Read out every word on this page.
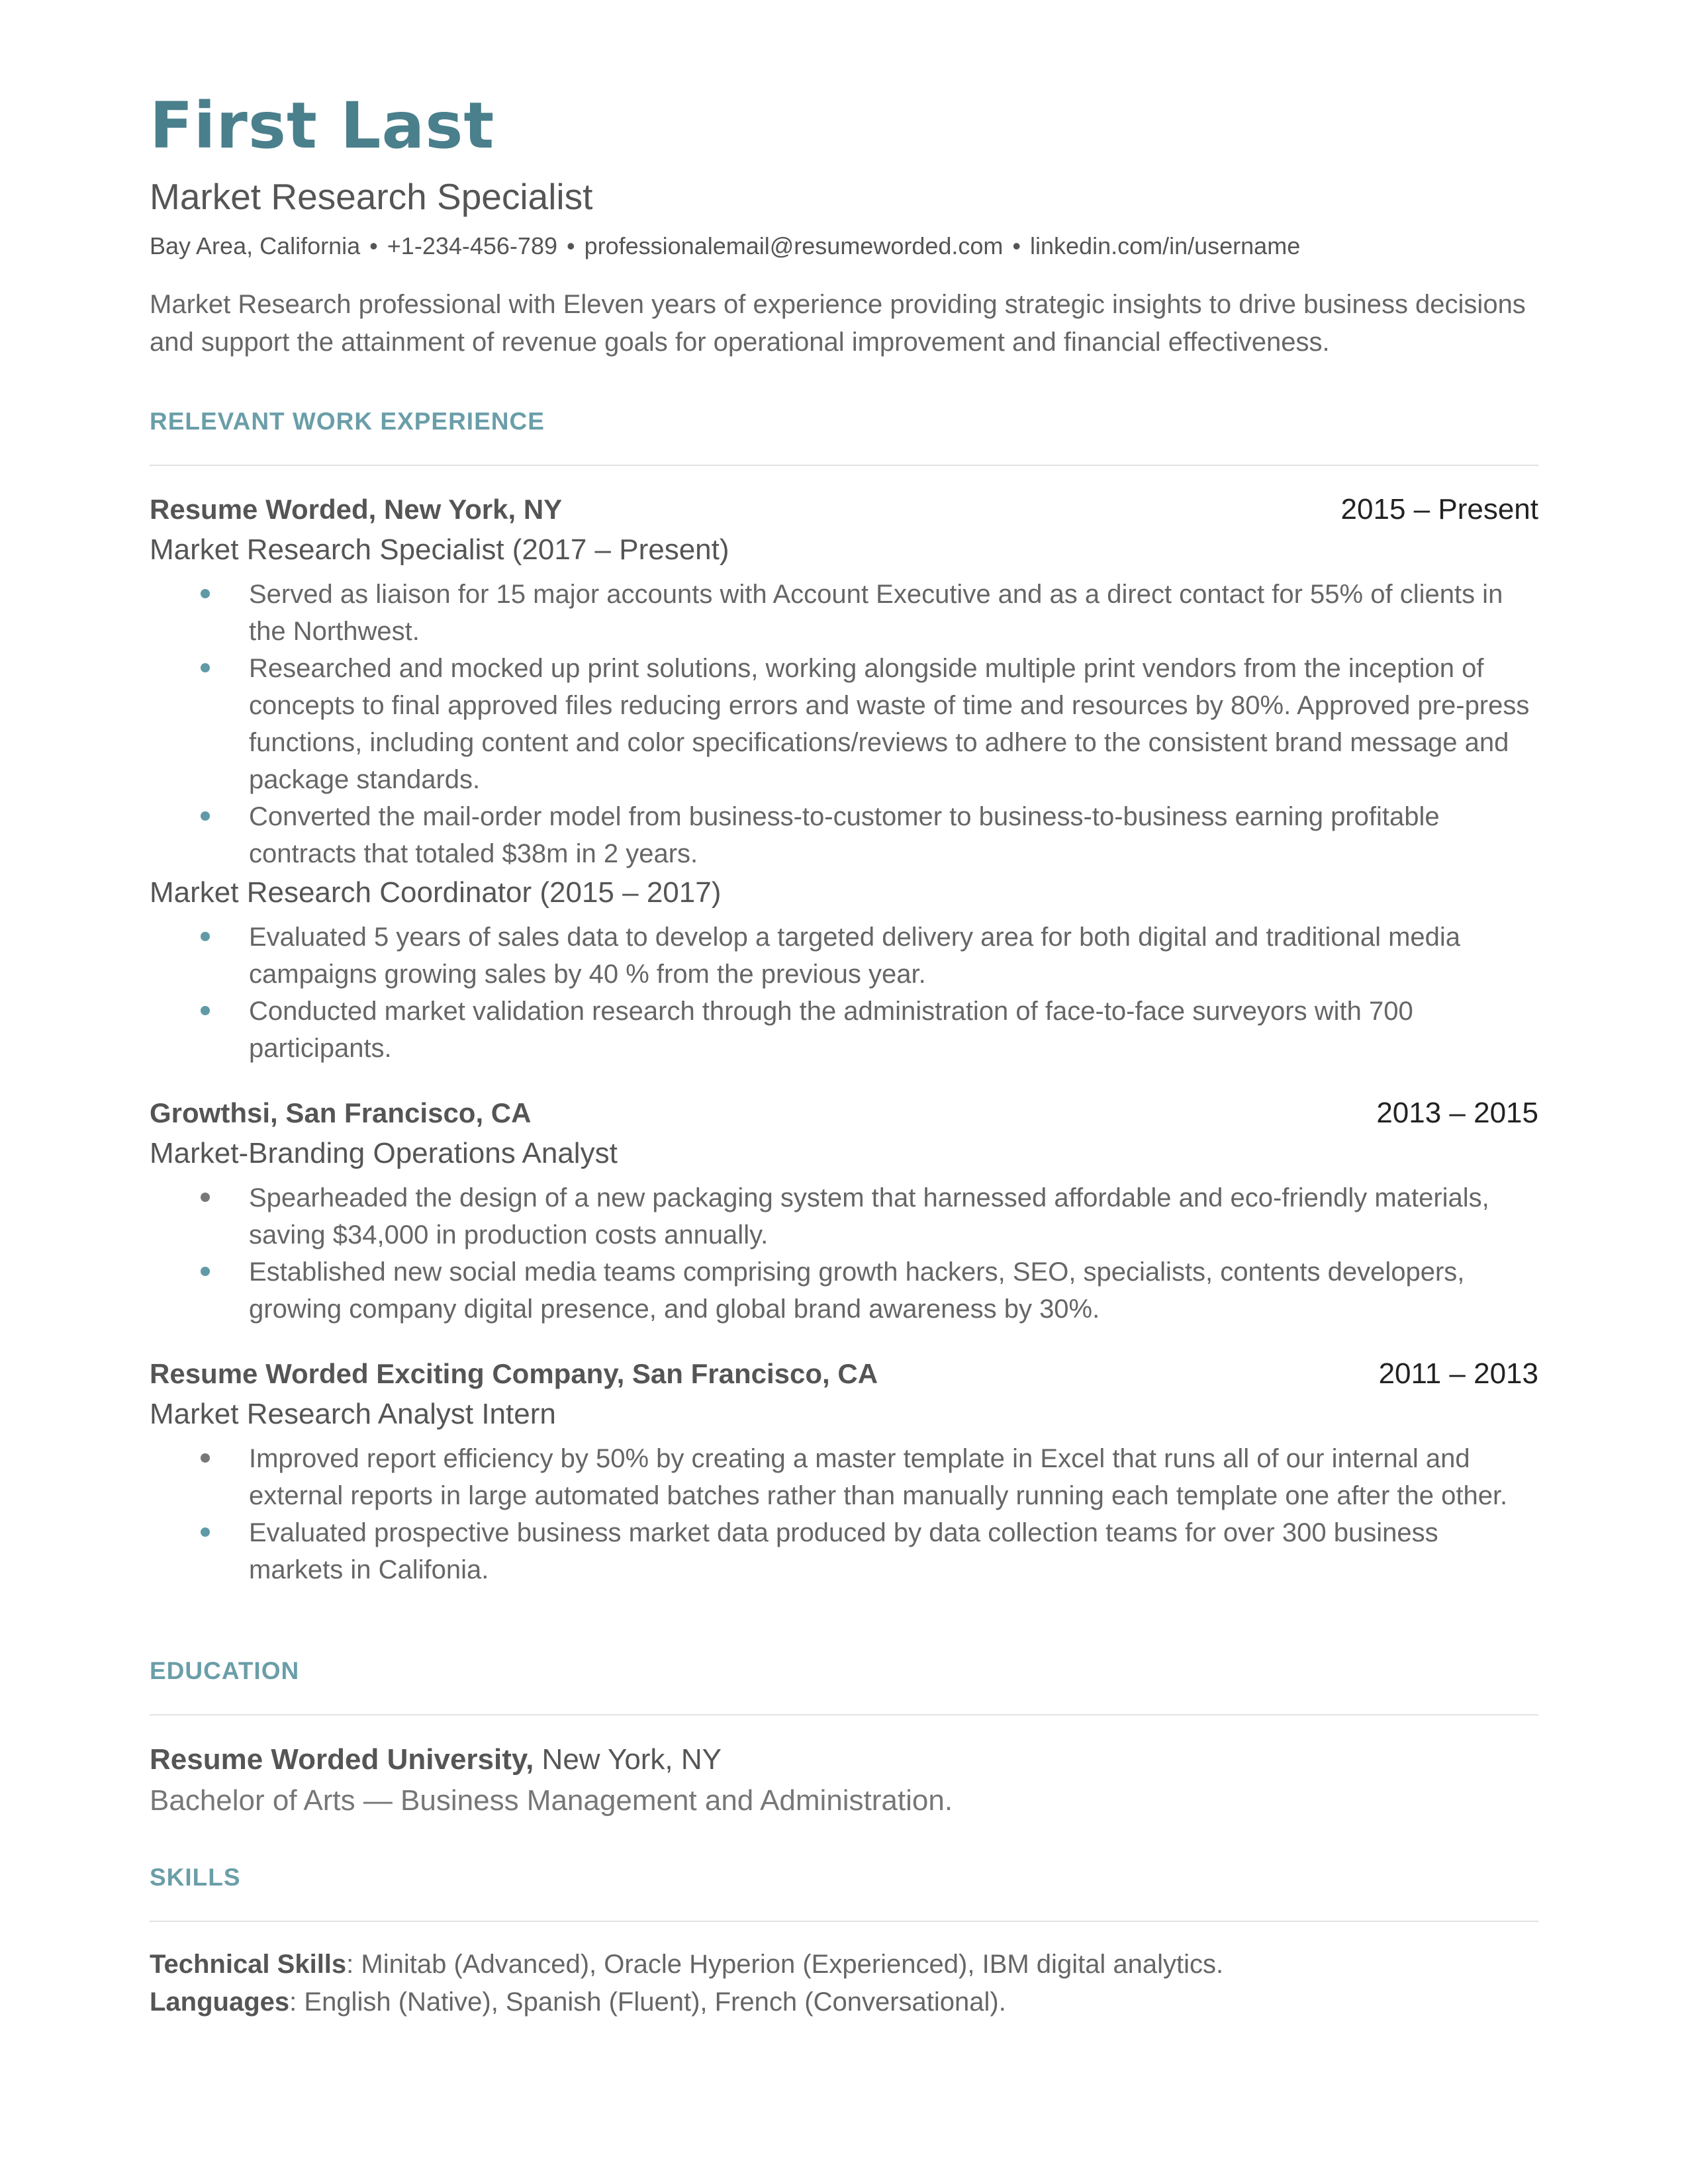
First Last
Market Research Specialist
Bay Area, California • +1-234-456-789 • professionalemail@resumeworded.com • linkedin.com/in/username
Market Research professional with Eleven years of experience providing strategic insights to drive business decisions and support the attainment of revenue goals for operational improvement and financial effectiveness.
RELEVANT WORK EXPERIENCE
Resume Worded, New York, NY	2015 – Present
Market Research Specialist (2017 – Present)
Served as liaison for 15 major accounts with Account Executive and as a direct contact for 55% of clients in the Northwest.
Researched and mocked up print solutions, working alongside multiple print vendors from the inception of concepts to final approved files reducing errors and waste of time and resources by 80%. Approved pre-press functions, including content and color specifications/reviews to adhere to the consistent brand message and package standards.
Converted the mail-order model from business-to-customer to business-to-business earning profitable contracts that totaled $38m in 2 years.
Market Research Coordinator (2015 – 2017)
Evaluated 5 years of sales data to develop a targeted delivery area for both digital and traditional media campaigns growing sales by 40 % from the previous year.
Conducted market validation research through the administration of face-to-face surveyors with 700 participants.
Growthsi, San Francisco, CA	2013 – 2015
Market-Branding Operations Analyst
Spearheaded the design of a new packaging system that harnessed affordable and eco-friendly materials, saving $34,000 in production costs annually.
Established new social media teams comprising growth hackers, SEO, specialists, contents developers, growing company digital presence, and global brand awareness by 30%.
Resume Worded Exciting Company, San Francisco, CA	2011 – 2013
Market Research Analyst Intern
Improved report efficiency by 50% by creating a master template in Excel that runs all of our internal and external reports in large automated batches rather than manually running each template one after the other.
Evaluated prospective business market data produced by data collection teams for over 300 business markets in Califonia.
EDUCATION
Resume Worded University, New York, NY
Bachelor of Arts — Business Management and Administration.
SKILLS
Technical Skills: Minitab (Advanced), Oracle Hyperion (Experienced), IBM digital analytics.
Languages: English (Native), Spanish (Fluent), French (Conversational).
